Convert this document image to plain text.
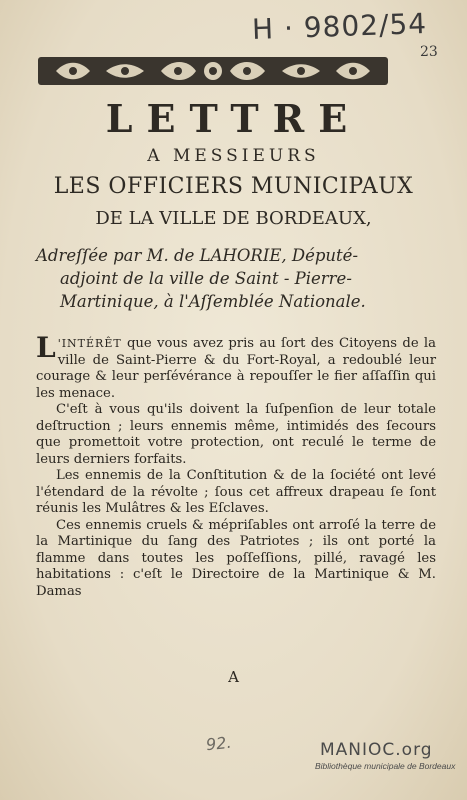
H · 9802/54
23
LETTRE
A MESSIEURS
LES OFFICIERS MUNICIPAUX
DE LA VILLE DE BORDEAUX,
Adreſſée par M. de LAHORIE, Député-
adjoint de la ville de Saint - Pierre-
Martinique, à l'Aſſemblée Nationale.

L 'INTÉRÊT que vous avez pris au ſort des Citoyens de la ville de Saint-Pierre & du Fort-Royal, a redoublé leur courage & leur perſévérance à repouſſer le fier aſſaſſin qui les menace.

C'eſt à vous qu'ils doivent la ſuſpenſion de leur totale deſtruction ; leurs ennemis même, intimidés des ſecours que promettoit votre protection, ont reculé le terme de leurs derniers forfaits.

Les ennemis de la Conſtitution & de la ſociété ont levé l'étendard de la révolte ; ſous cet affreux drapeau ſe ſont réunis les Mulâtres & les Eſclaves.

Ces ennemis cruels & mépriſables ont arroſé la terre de la Martinique du ſang des Patriotes ; ils ont porté la flamme dans toutes les poſſeſſions, pillé, ravagé les habitations : c'eſt le Directoire de la Martinique & M. Damas

A
92.	MANIOC.org
Bibliothèque municipale de Bordeaux
